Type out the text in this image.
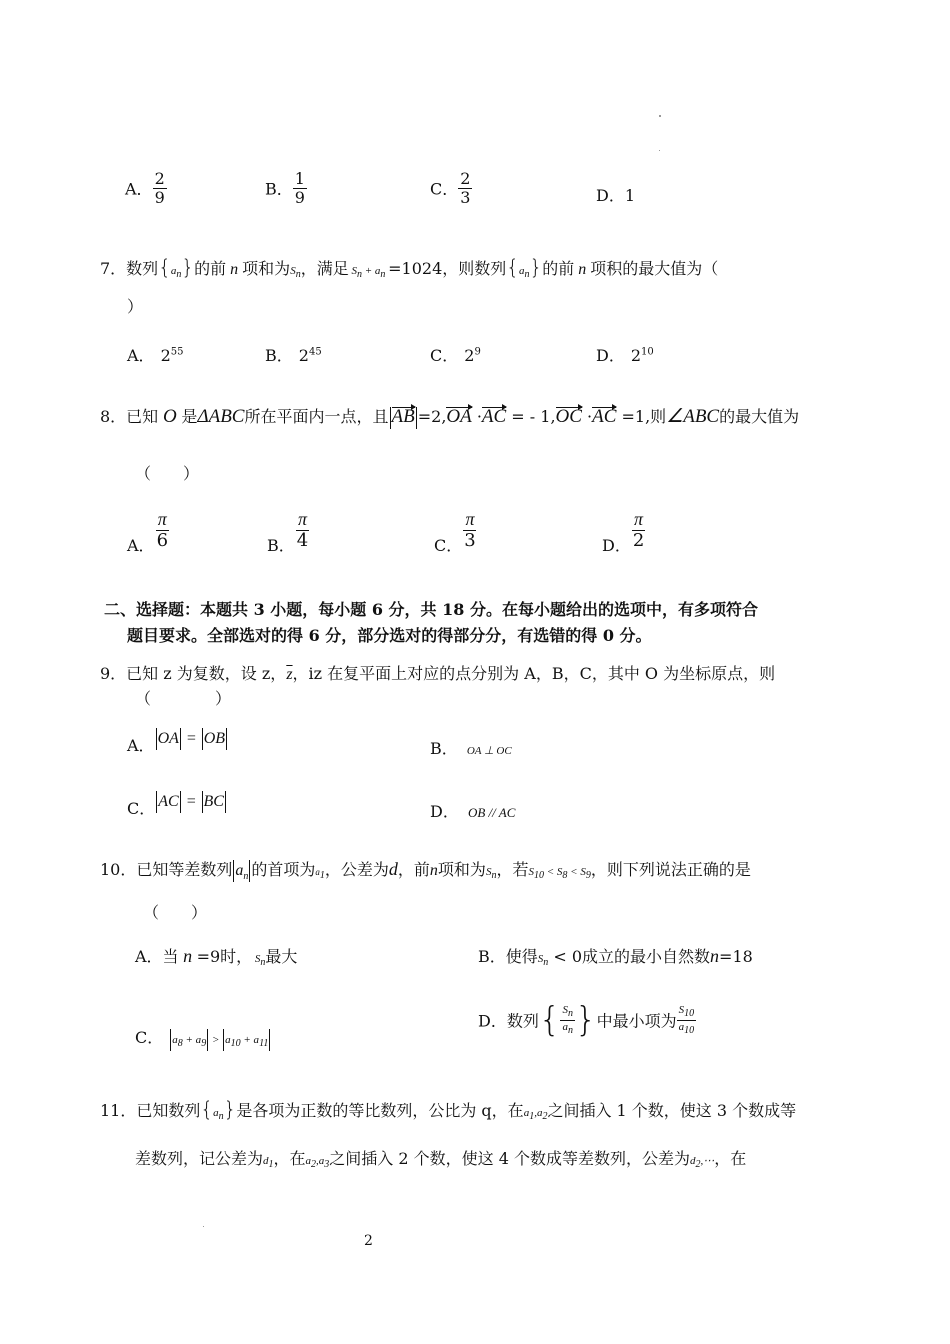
A． $\frac{2}{9}$	B． $\frac{1}{9}$	C． $\frac{2}{3}$	D．1
7．数列$\{a_n\}$的前 n 项和为$S_n$，满足 $S_n + a_n =1024$，则数列$\{a_n\}$的前 n 项积的最大值为（
）
A． $2^{55}$	B． $2^{45}$	C． $2^9$	D． $2^{10}$
8．已知 O 是ΔABC所在平面内一点，且 AB =2,OA ·AC = - 1,OC ·AC =1,则∠ABC的最大值为
（　　）
A． $\frac{\pi}{6}$	B． $\frac{\pi}{4}$	C． $\frac{\pi}{3}$	D． $\frac{\pi}{2}$
二、选择题：本题共 3 小题，每小题 6 分，共 18 分。在每小题给出的选项中，有多项符合
题目要求。全部选对的得 6 分，部分选对的得部分分，有选错的得 0 分。
9．已知 z 为复数，设 z，$\overline{z}$，iz 在复平面上对应的点分别为 A，B，C，其中 O 为坐标原点，则
（　　　　）
A． OA = OB
B． OA ⊥ OC
C． AC = BC
D． OB // AC
10．已知等差数列 $a_n$ 的首项为$a_1$，公差为d，前n项和为$S_n$，若$S_{10} < S_8 < S_9$，则下列说法正确的是
（　　）
A．当 n =9时， $S_n$最大	B．使得$S_n < 0$成立的最小自然数n=18
C． $a_8 + a_9 > a_{10} + a_{11}$
D．数列{ $\frac{S_n}{a_n}$ }中最小项为 $\frac{S_{10}}{a_{10}}$
11．已知数列$\{a_n\}$是各项为正数的等比数列，公比为 q，在$a_1,a_2$之间插入 1 个数，使这 3 个数成等
差数列，记公差为$d_1$，在$a_2,a_3$之间插入 2 个数，使这 4 个数成等差数列，公差为$d_2,\cdots$，在
2
